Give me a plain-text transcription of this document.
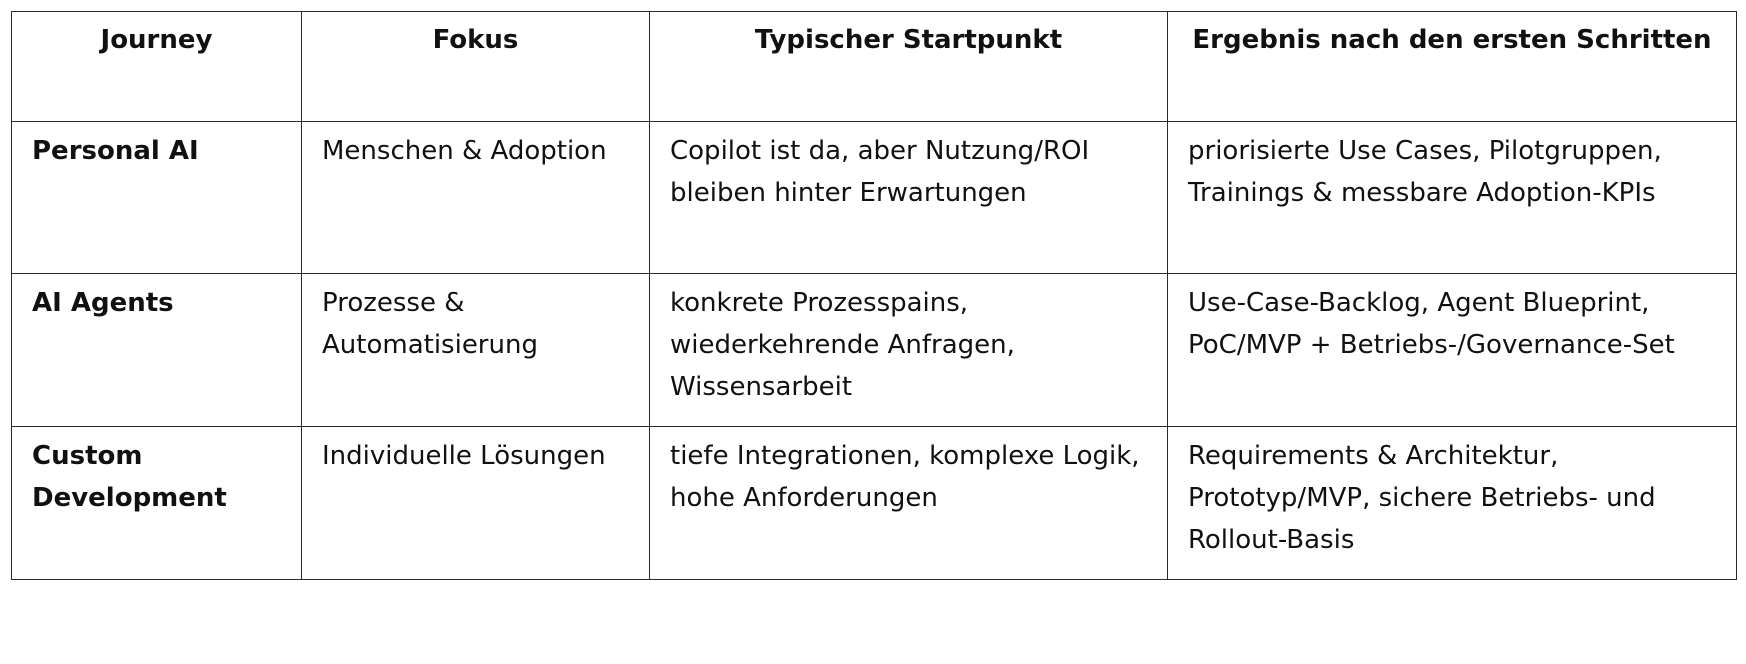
Journey	Fokus	Typischer Startpunkt	Ergebnis nach den ersten Schritten
Personal AI	Menschen & Adoption	Copilot ist da, aber Nutzung/ROI bleiben hinter Erwartungen	priorisierte Use Cases, Pilotgruppen, Trainings & messbare Adoption-KPIs
AI Agents	Prozesse & Automatisierung	konkrete Prozesspains, wiederkehrende Anfragen, Wissensarbeit	Use-Case-Backlog, Agent Blueprint, PoC/MVP + Betriebs-/Governance-Set
Custom Development	Individuelle Lösungen	tiefe Integrationen, komplexe Logik, hohe Anforderungen	Requirements & Architektur, Prototyp/MVP, sichere Betriebs- und Rollout-Basis
